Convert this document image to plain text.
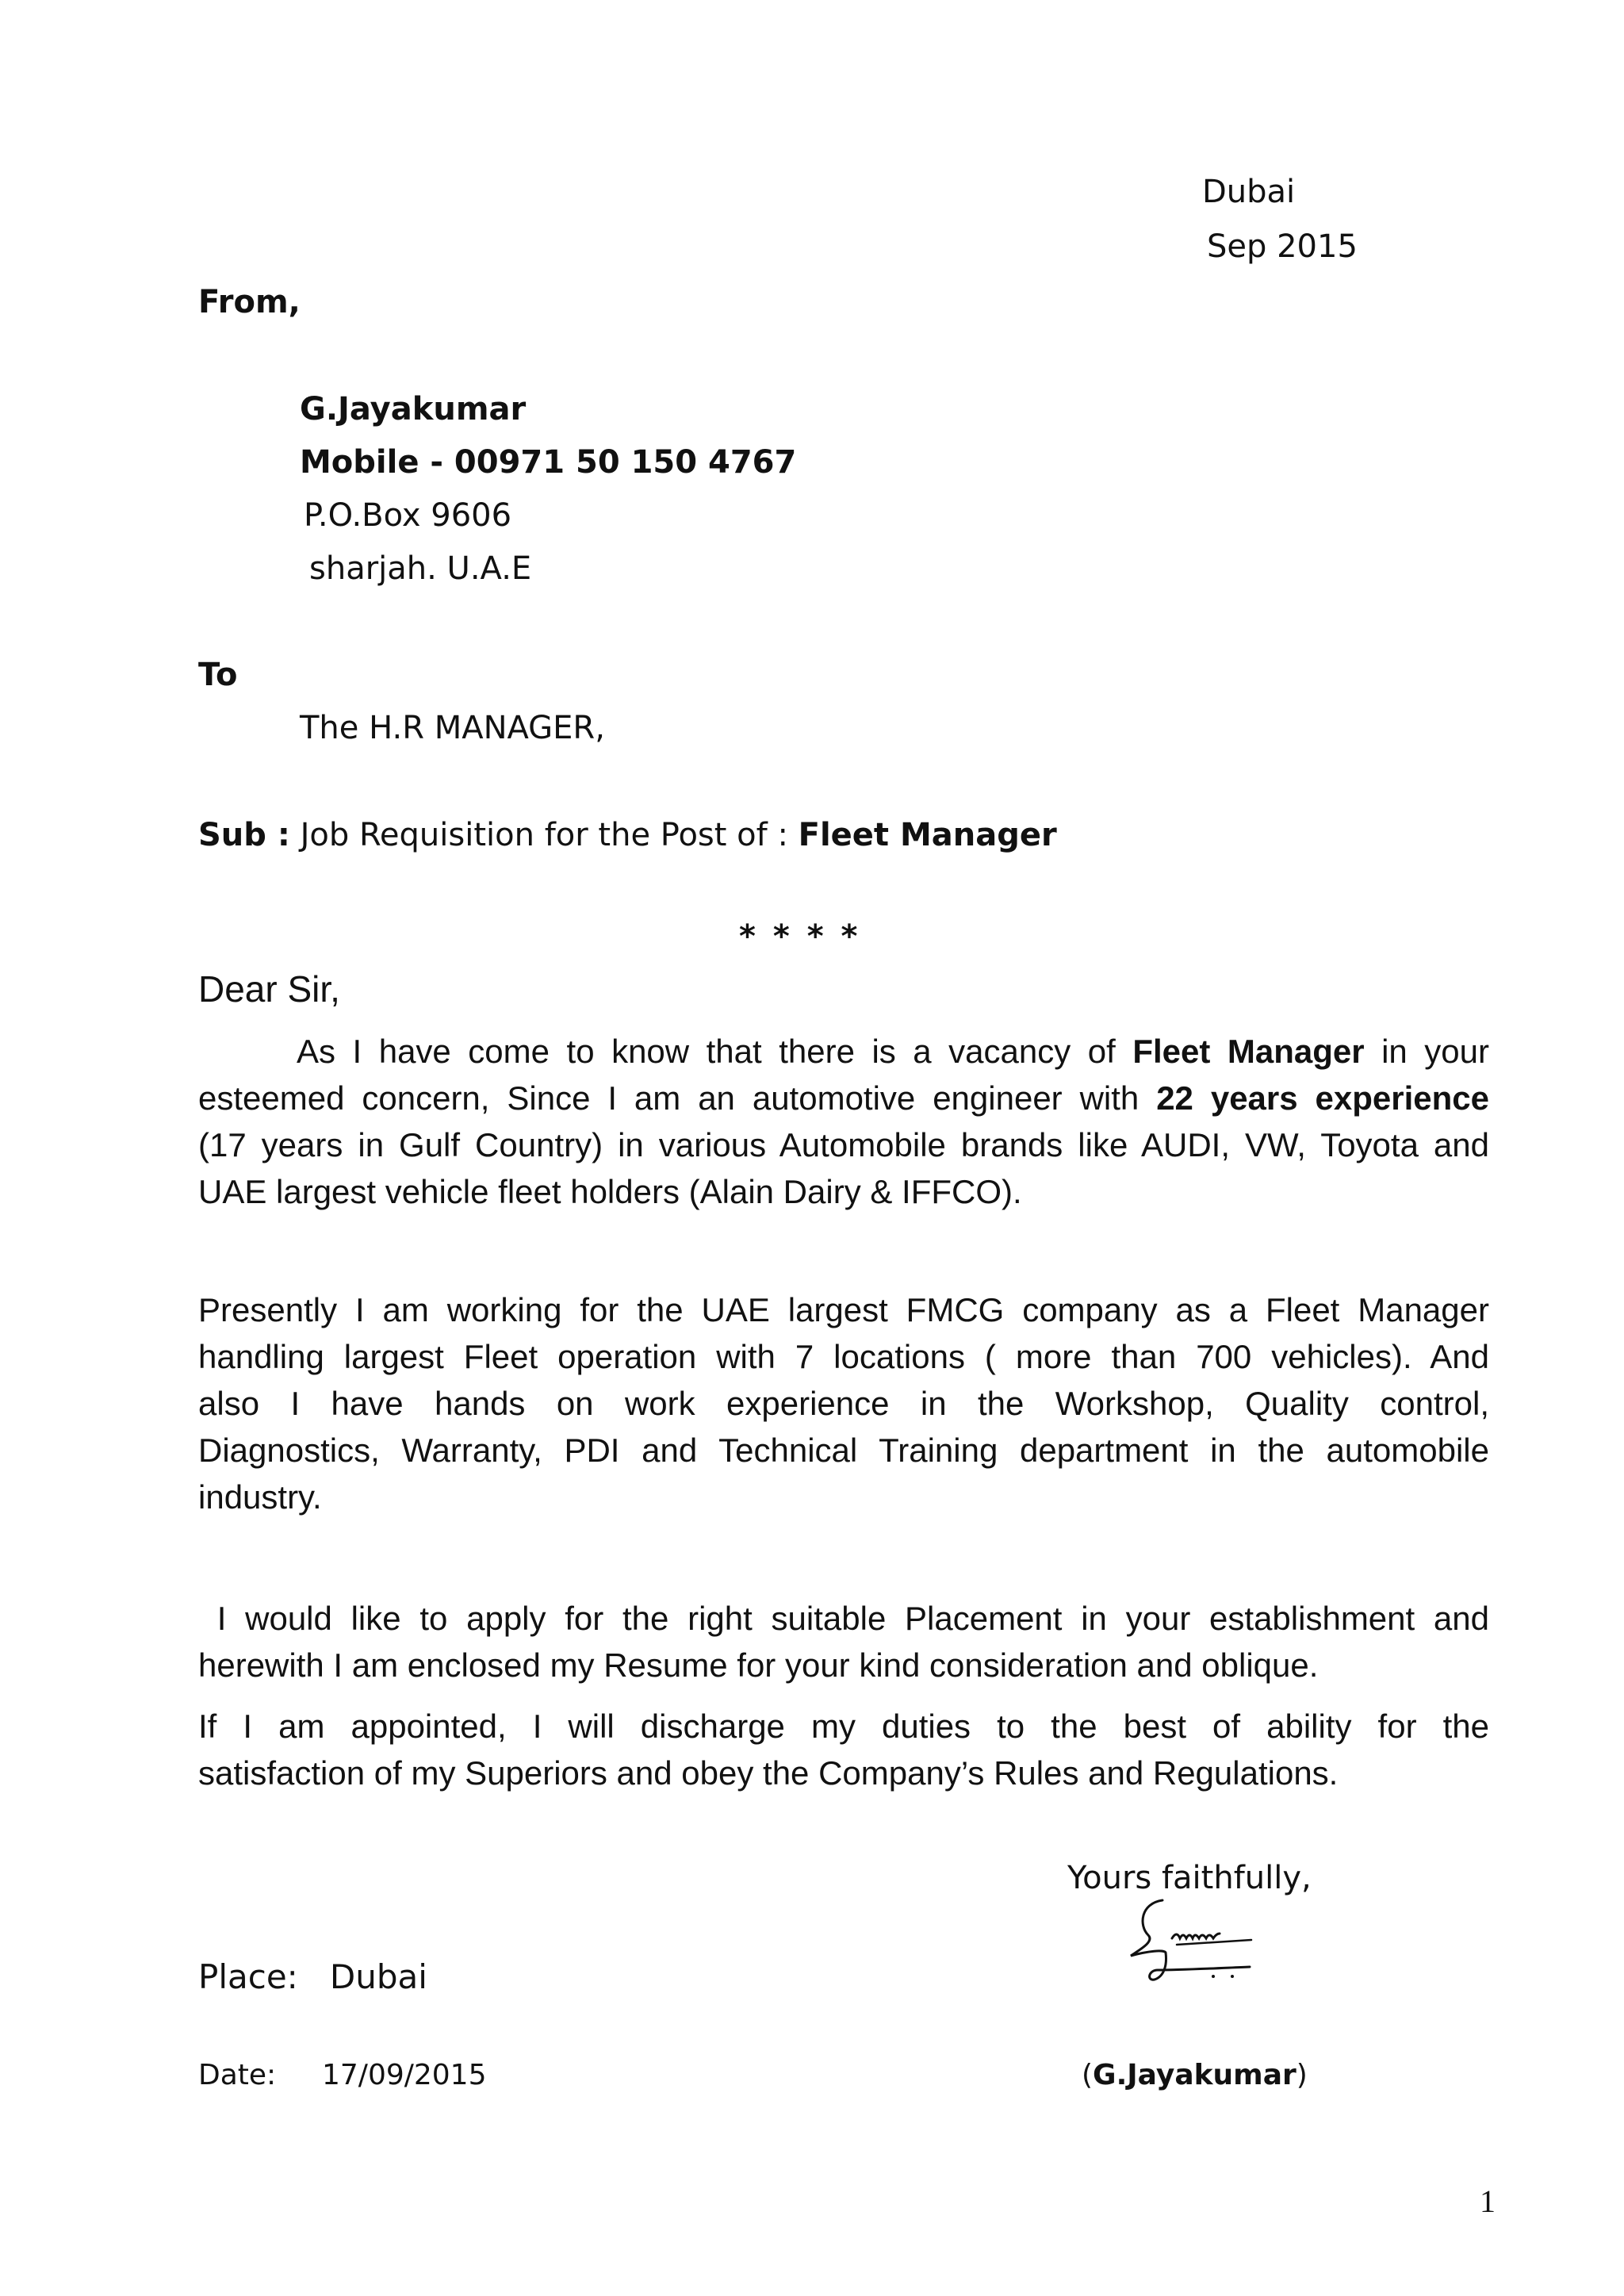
Dubai
Sep 2015
From,
G.Jayakumar
Mobile - 00971 50 150 4767
P.O.Box 9606
sharjah. U.A.E
To
The H.R MANAGER,
Sub : Job Requisition for the Post of : Fleet Manager
* * * *
Dear Sir,
As I have come to know that there is a vacancy of Fleet Manager in your
esteemed concern, Since I am an automotive engineer with 22 years experience
(17 years in Gulf Country) in various Automobile brands like AUDI, VW, Toyota and
UAE largest vehicle fleet holders (Alain Dairy & IFFCO).
Presently I am working for the UAE largest FMCG company as a Fleet Manager
handling largest Fleet operation with 7 locations ( more than 700 vehicles). And
also I have hands on work experience in the Workshop, Quality control,
Diagnostics, Warranty, PDI and Technical Training department in the automobile
industry.
I would like to apply for the right suitable Placement in your establishment and
herewith I am enclosed my Resume for your kind consideration and oblique.
If I am appointed, I will discharge my duties to the best of ability for the
satisfaction of my Superiors and obey the Company’s Rules and Regulations.
Yours faithfully,
Place: Dubai
Date: 17/09/2015	(G.Jayakumar)
1
